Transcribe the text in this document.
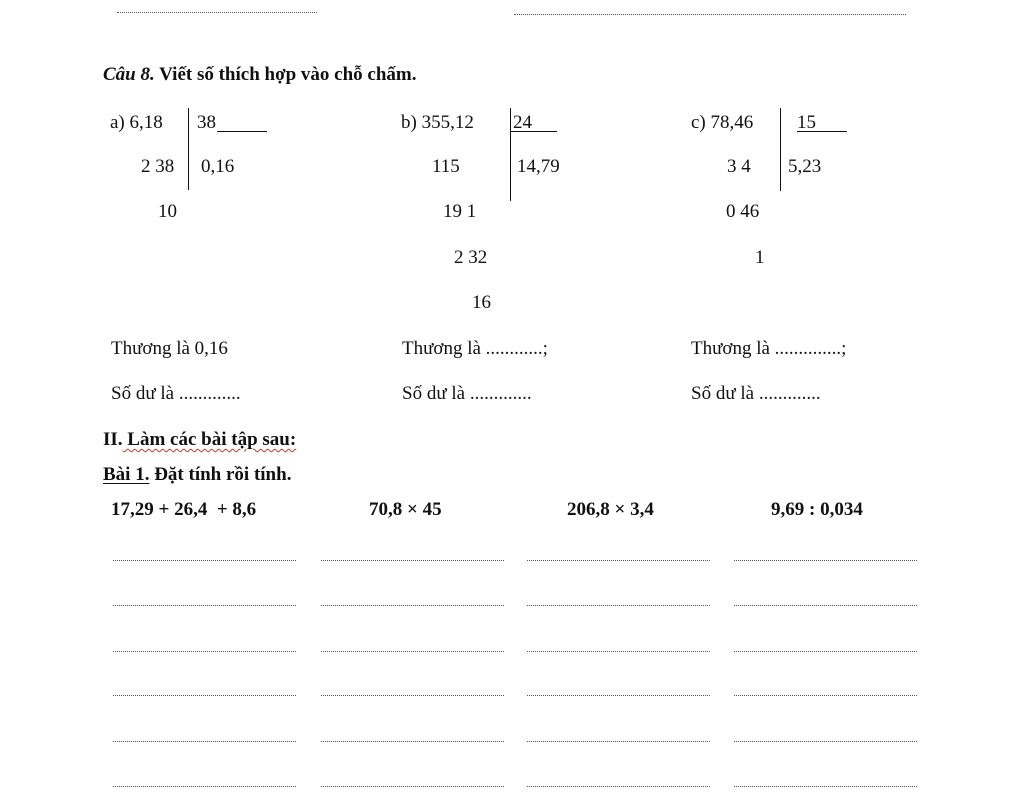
Câu 8. Viết số thích hợp vào chỗ chấm.
a) 6,18 38
2 38 0,16
10
b) 355,12 24
115	14,79
19 1
2 32
16
c) 78,46 15
3 4 5,23
0 46
1
Thương là 0,16	Thương là ............;	Thương là ..............;
Số dư là .............	Số dư là .............	Số dư là .............
II. Làm các bài tập sau:
Bài 1. Đặt tính rồi tính.
17,29 + 26,4  + 8,6	70,8 × 45	206,8 × 3,4	9,69 : 0,034
